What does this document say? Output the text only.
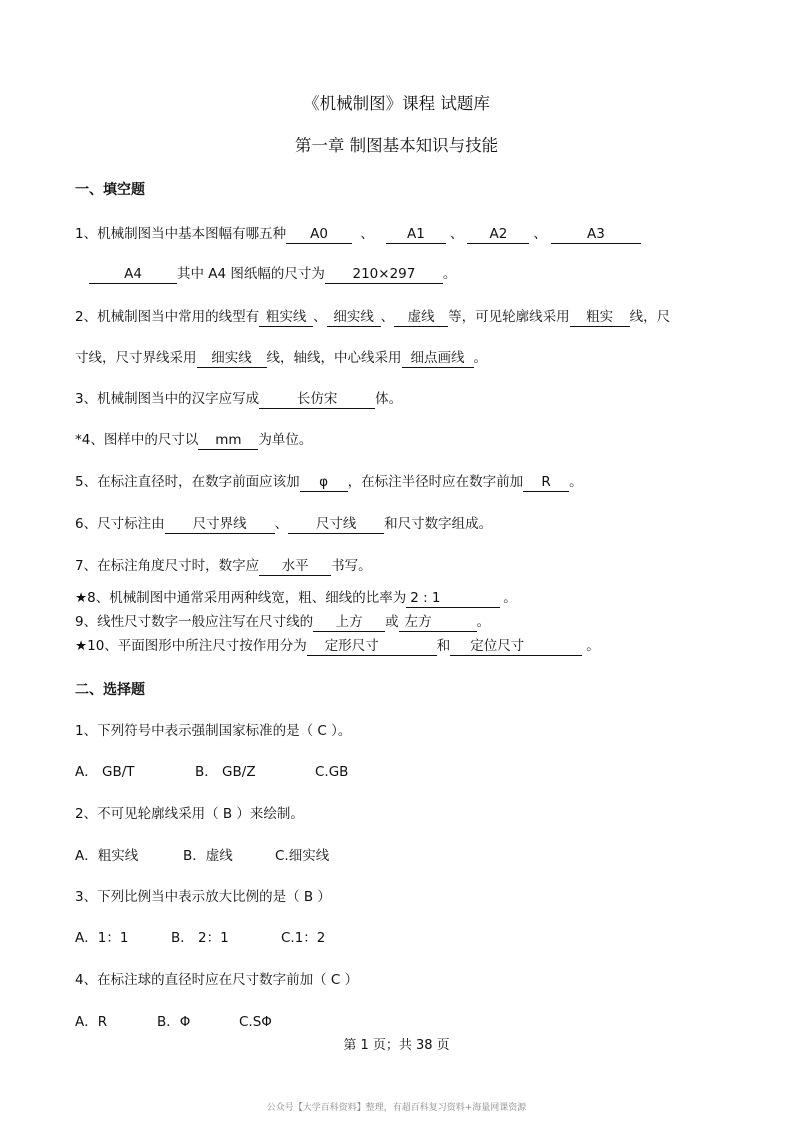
《机械制图》课程 试题库
第一章 制图基本知识与技能
一、填空题
1、机械制图当中基本图幅有哪五种 A0 、 A1 、 A2 、	A3
A4	其中 A4 图纸幅的尺寸为 210×297 。
2、机械制图当中常用的线型有 粗实线 、 细实线 、 虚线 等，可见轮廓线采用 粗实 线，尺
寸线，尺寸界线采用 细实线 线，轴线，中心线采用 细点画线 。
3、机械制图当中的汉字应写成	长仿宋	体。
*4、图样中的尺寸以 mm 为单位。
5、在标注直径时，在数字前面应该加 φ ，在标注半径时应在数字前加 R 。
6、尺寸标注由 尺寸界线 、 尺寸线 和尺寸数字组成。
7、在标注角度尺寸时，数字应 水平 书写。
★8、机械制图中通常采用两种线宽，粗、细线的比率为 2 : 1	。
9、线性尺寸数字一般应注写在尺寸线的 上方 或 左方	。
★10、平面图形中所注尺寸按作用分为 定形尺寸	和 定位尺寸	。
二、选择题
1、下列符号中表示强制国家标准的是（ C ）。
A． GB/T	B． GB/Z	C.GB
2、不可见轮廓线采用（ B ）来绘制。
A．粗实线	B．虚线	C.细实线
3、下列比例当中表示放大比例的是（ B ）
A．1：1	B． 2：1	C.1：2
4、在标注球的直径时应在尺寸数字前加（ C ）
A．R	B．Φ	C.SΦ
第 1 页；共 38 页
公众号【大学百科资料】整理，有超百科复习资料+海量网课资源
